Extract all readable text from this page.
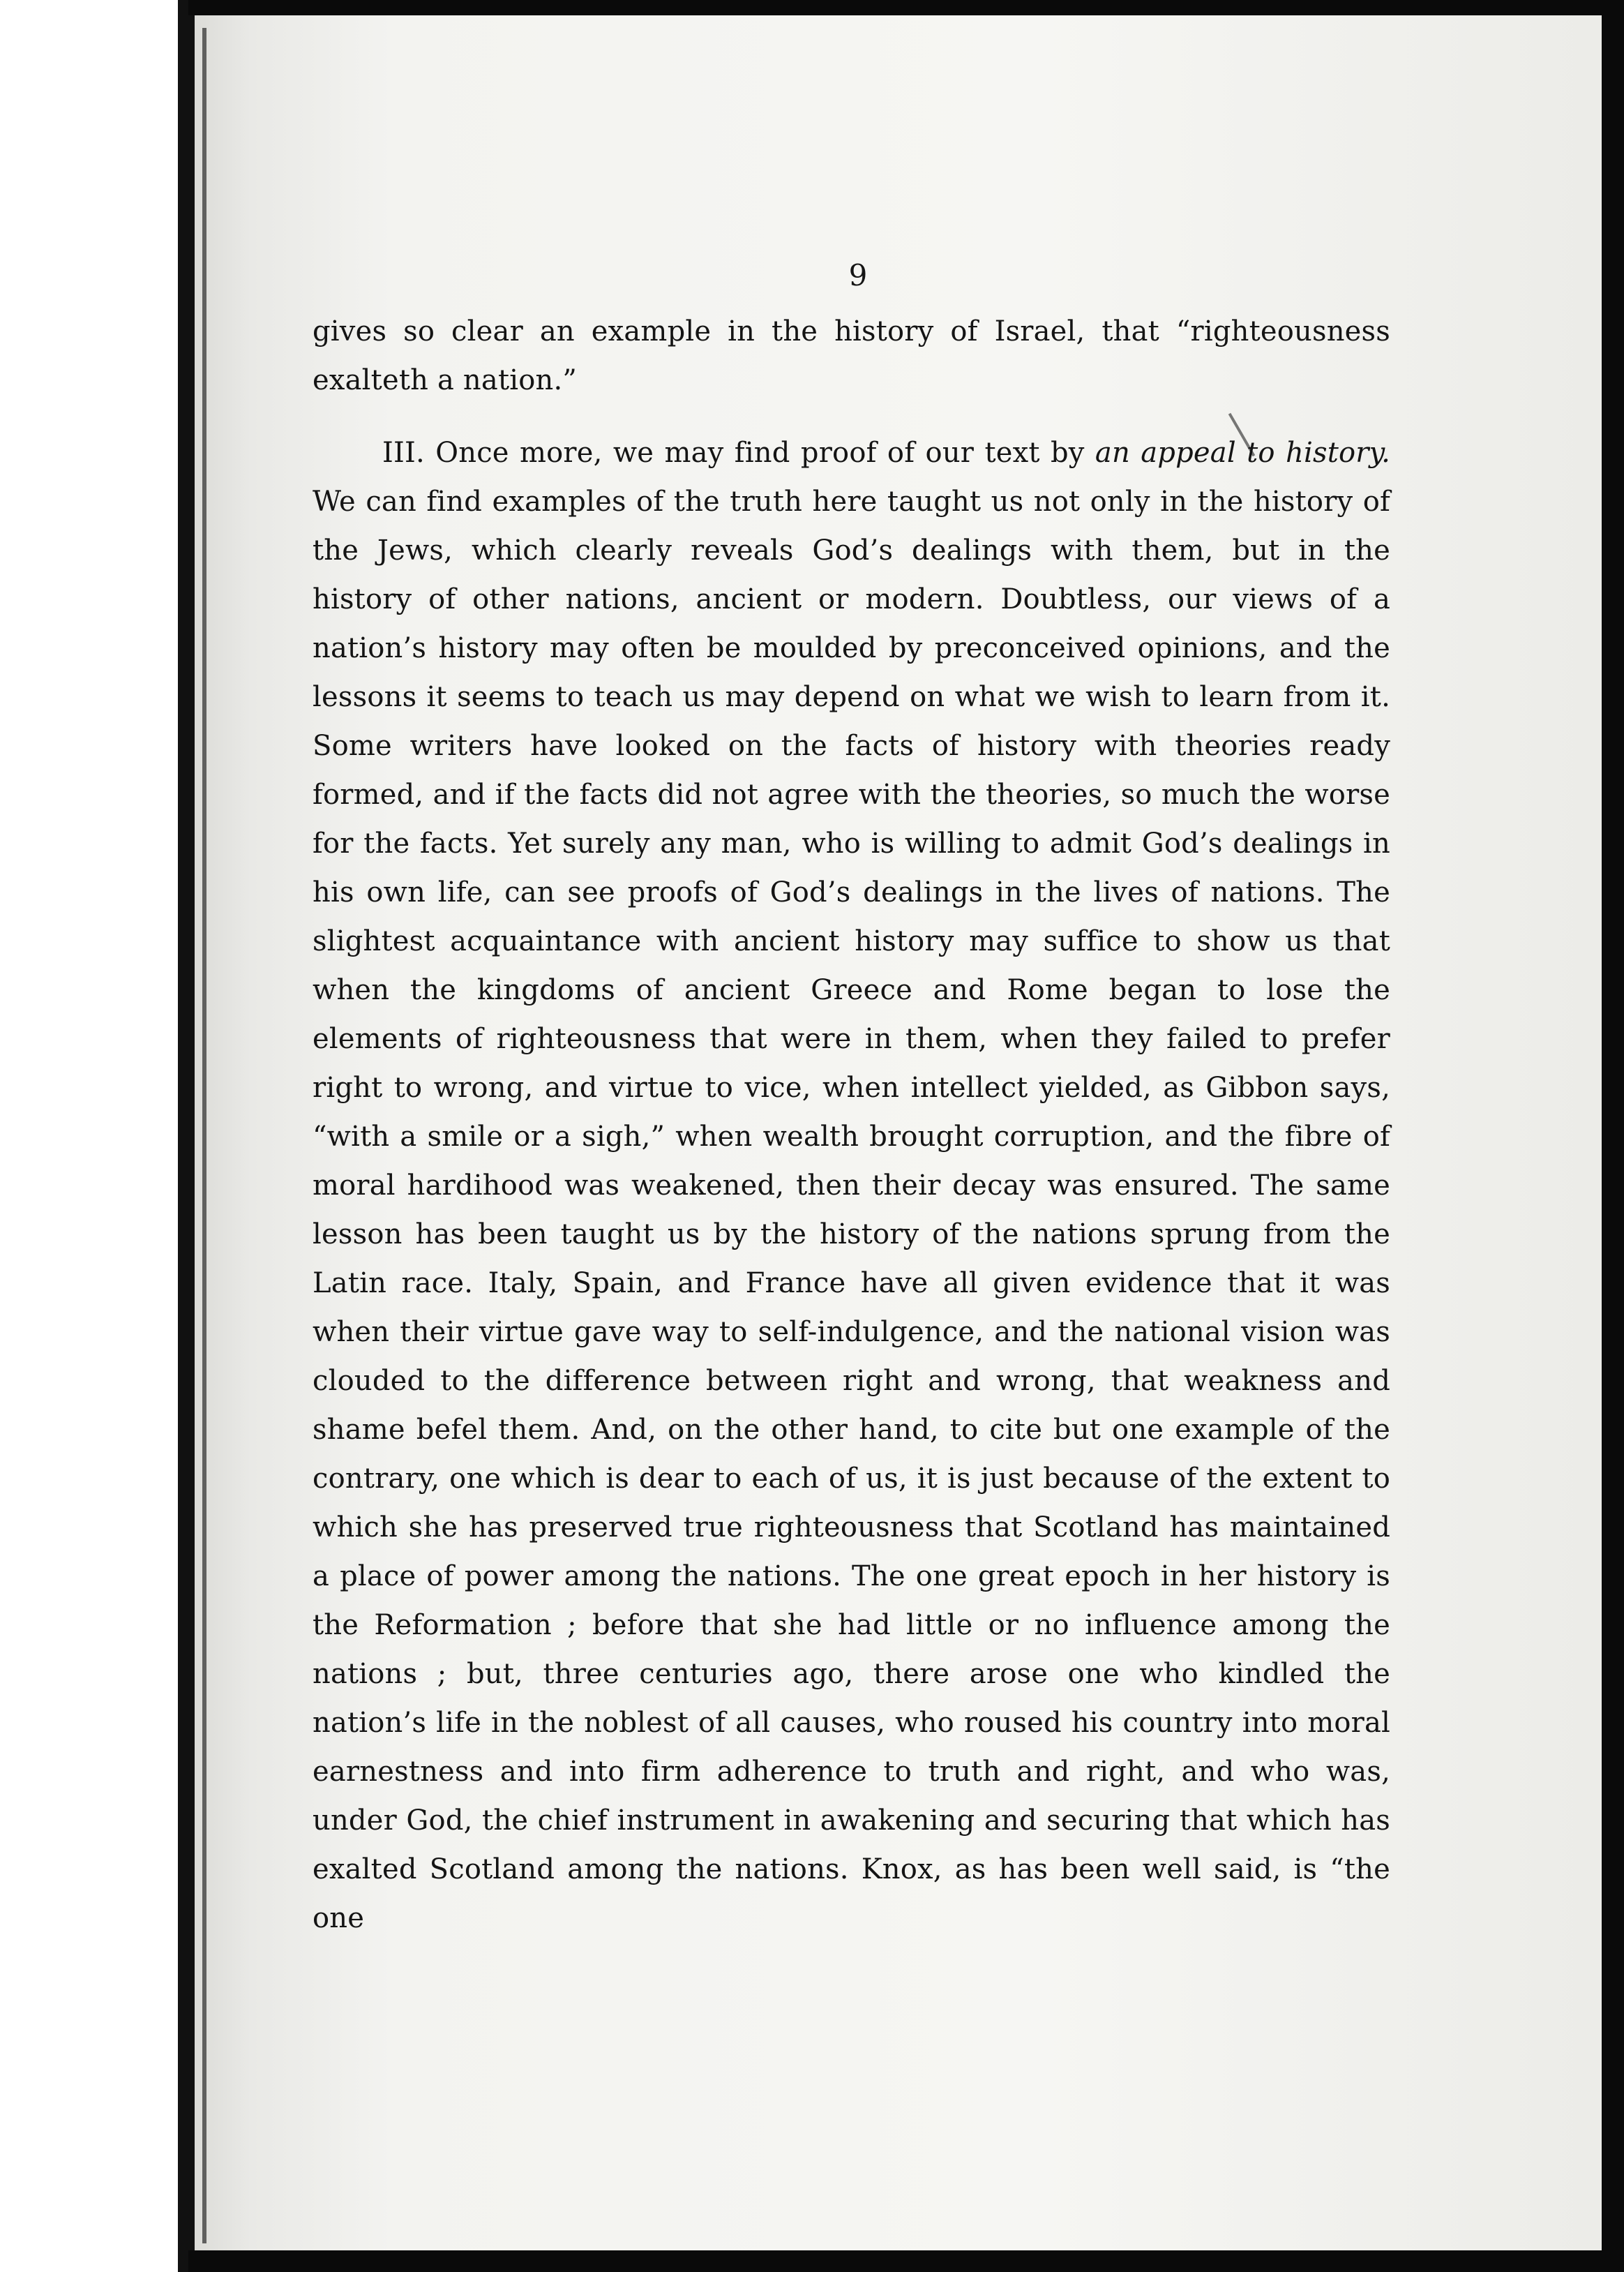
9

gives so clear an example in the history of Israel, that “righteousness exalteth a nation.”

III. Once more, we may find proof of our text by an appeal to history. We can find examples of the truth here taught us not only in the history of the Jews, which clearly reveals God’s dealings with them, but in the history of other nations, ancient or modern. Doubtless, our views of a nation’s history may often be moulded by preconceived opinions, and the lessons it seems to teach us may depend on what we wish to learn from it. Some writers have looked on the facts of history with theories ready formed, and if the facts did not agree with the theories, so much the worse for the facts. Yet surely any man, who is willing to admit God’s dealings in his own life, can see proofs of God’s dealings in the lives of nations. The slightest acquaintance with ancient history may suffice to show us that when the kingdoms of ancient Greece and Rome began to lose the elements of righteousness that were in them, when they failed to prefer right to wrong, and virtue to vice, when intellect yielded, as Gibbon says, “with a smile or a sigh,” when wealth brought corruption, and the fibre of moral hardihood was weakened, then their decay was ensured. The same lesson has been taught us by the history of the nations sprung from the Latin race. Italy, Spain, and France have all given evidence that it was when their virtue gave way to self-indulgence, and the national vision was clouded to the difference between right and wrong, that weakness and shame befel them. And, on the other hand, to cite but one example of the contrary, one which is dear to each of us, it is just because of the extent to which she has preserved true righteousness that Scotland has maintained a place of power among the nations. The one great epoch in her history is the Reformation ; before that she had little or no influence among the nations ; but, three centuries ago, there arose one who kindled the nation’s life in the noblest of all causes, who roused his country into moral earnestness and into firm adherence to truth and right, and who was, under God, the chief instrument in awakening and securing that which has exalted Scotland among the nations. Knox, as has been well said, is “the one
